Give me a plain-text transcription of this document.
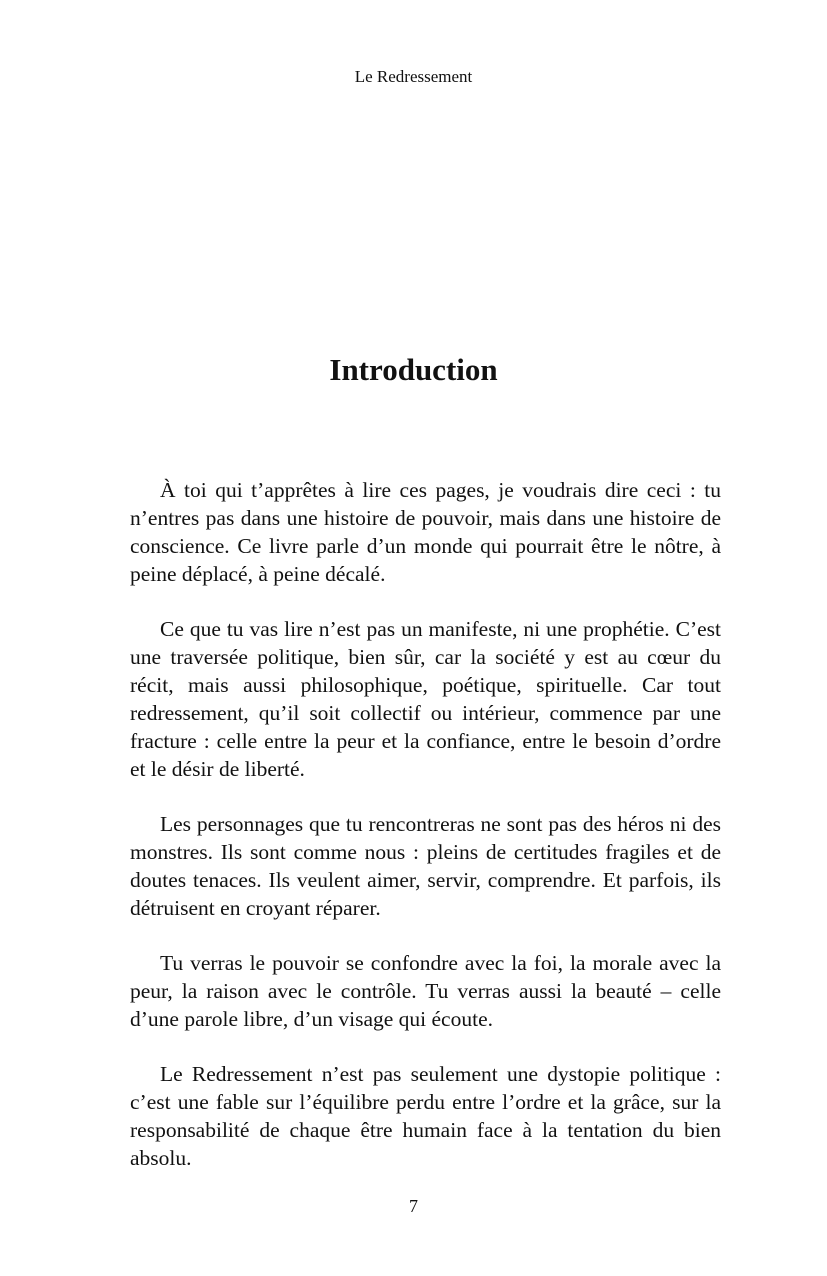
Le Redressement
Introduction

À toi qui t’apprêtes à lire ces pages, je voudrais dire ceci : tu n’entres pas dans une histoire de pouvoir, mais dans une histoire de conscience. Ce livre parle d’un monde qui pourrait être le nôtre, à peine déplacé, à peine décalé.

Ce que tu vas lire n’est pas un manifeste, ni une prophétie. C’est une traversée politique, bien sûr, car la société y est au cœur du récit, mais aussi philosophique, poétique, spirituelle. Car tout redressement, qu’il soit collectif ou intérieur, commence par une fracture : celle entre la peur et la confiance, entre le besoin d’ordre et le désir de liberté.

Les personnages que tu rencontreras ne sont pas des héros ni des monstres. Ils sont comme nous : pleins de certitudes fragiles et de doutes tenaces. Ils veulent aimer, servir, comprendre. Et parfois, ils détruisent en croyant réparer.

Tu verras le pouvoir se confondre avec la foi, la morale avec la peur, la raison avec le contrôle. Tu verras aussi la beauté – celle d’une parole libre, d’un visage qui écoute.

Le Redressement n’est pas seulement une dystopie politique : c’est une fable sur l’équilibre perdu entre l’ordre et la grâce, sur la responsabilité de chaque être humain face à la tentation du bien absolu.

7
